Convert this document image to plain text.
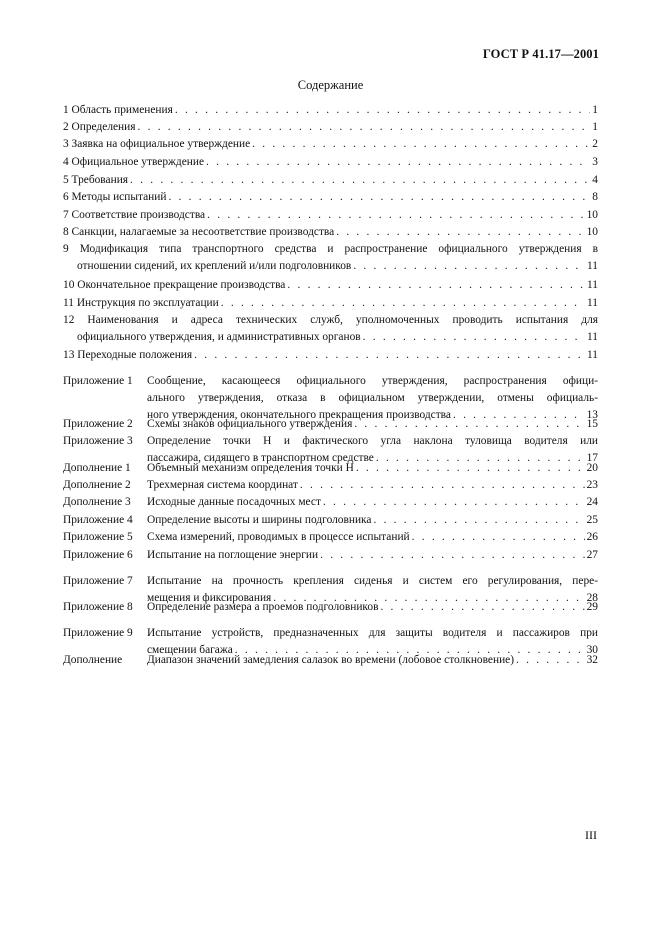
ГОСТ Р 41.17—2001
Содержание
1 Область применения . . .	1
2 Определения . . .	1
3 Заявка на официальное утверждение . . .	2
4 Официальное утверждение . . .	3
5 Требования . . .	4
6 Методы испытаний . . .	8
7 Соответствие производства . . .	10
8 Санкции, налагаемые за несоответствие производства . . .	10
9 Модификация типа транспортного средства и распространение официального утверждения в
отношении сидений, их креплений и/или подголовников . . .	11
10 Окончательное прекращение производства . . .	11
11 Инструкция по эксплуатации . . .	11
12 Наименования и адреса технических служб, уполномоченных проводить испытания для
официального утверждения, и административных органов . . .	11
13 Переходные положения . . .	11
Приложение 1 Сообщение, касающееся официального утверждения, распространения офици-
ального утверждения, отказа в официальном утверждении, отмены официаль-
ного утверждения, окончательного прекращения производства . . .	13
Приложение 2 Схемы знаков официального утверждения . . .	15
Приложение 3 Определение точки H и фактического угла наклона туловища водителя или
пассажира, сидящего в транспортном средстве . . .	17
Дополнение 1 Объемный механизм определения точки H . . .	20
Дополнение 2 Трехмерная система координат . . .	23
Дополнение 3 Исходные данные посадочных мест . . .	24
Приложение 4 Определение высоты и ширины подголовника . . .	25
Приложение 5 Схема измерений, проводимых в процессе испытаний . . .	26
Приложение 6 Испытание на поглощение энергии . . .	27
Приложение 7 Испытание на прочность крепления сиденья и систем его регулирования, пере-
мещения и фиксирования . . .	28
Приложение 8 Определение размера a проемов подголовников . . .	29
Приложение 9 Испытание устройств, предназначенных для защиты водителя и пассажиров при
смещении багажа . . .	30
Дополнение Диапазон значений замедления салазок во времени (лобовое столкновение) . . .	32
III
